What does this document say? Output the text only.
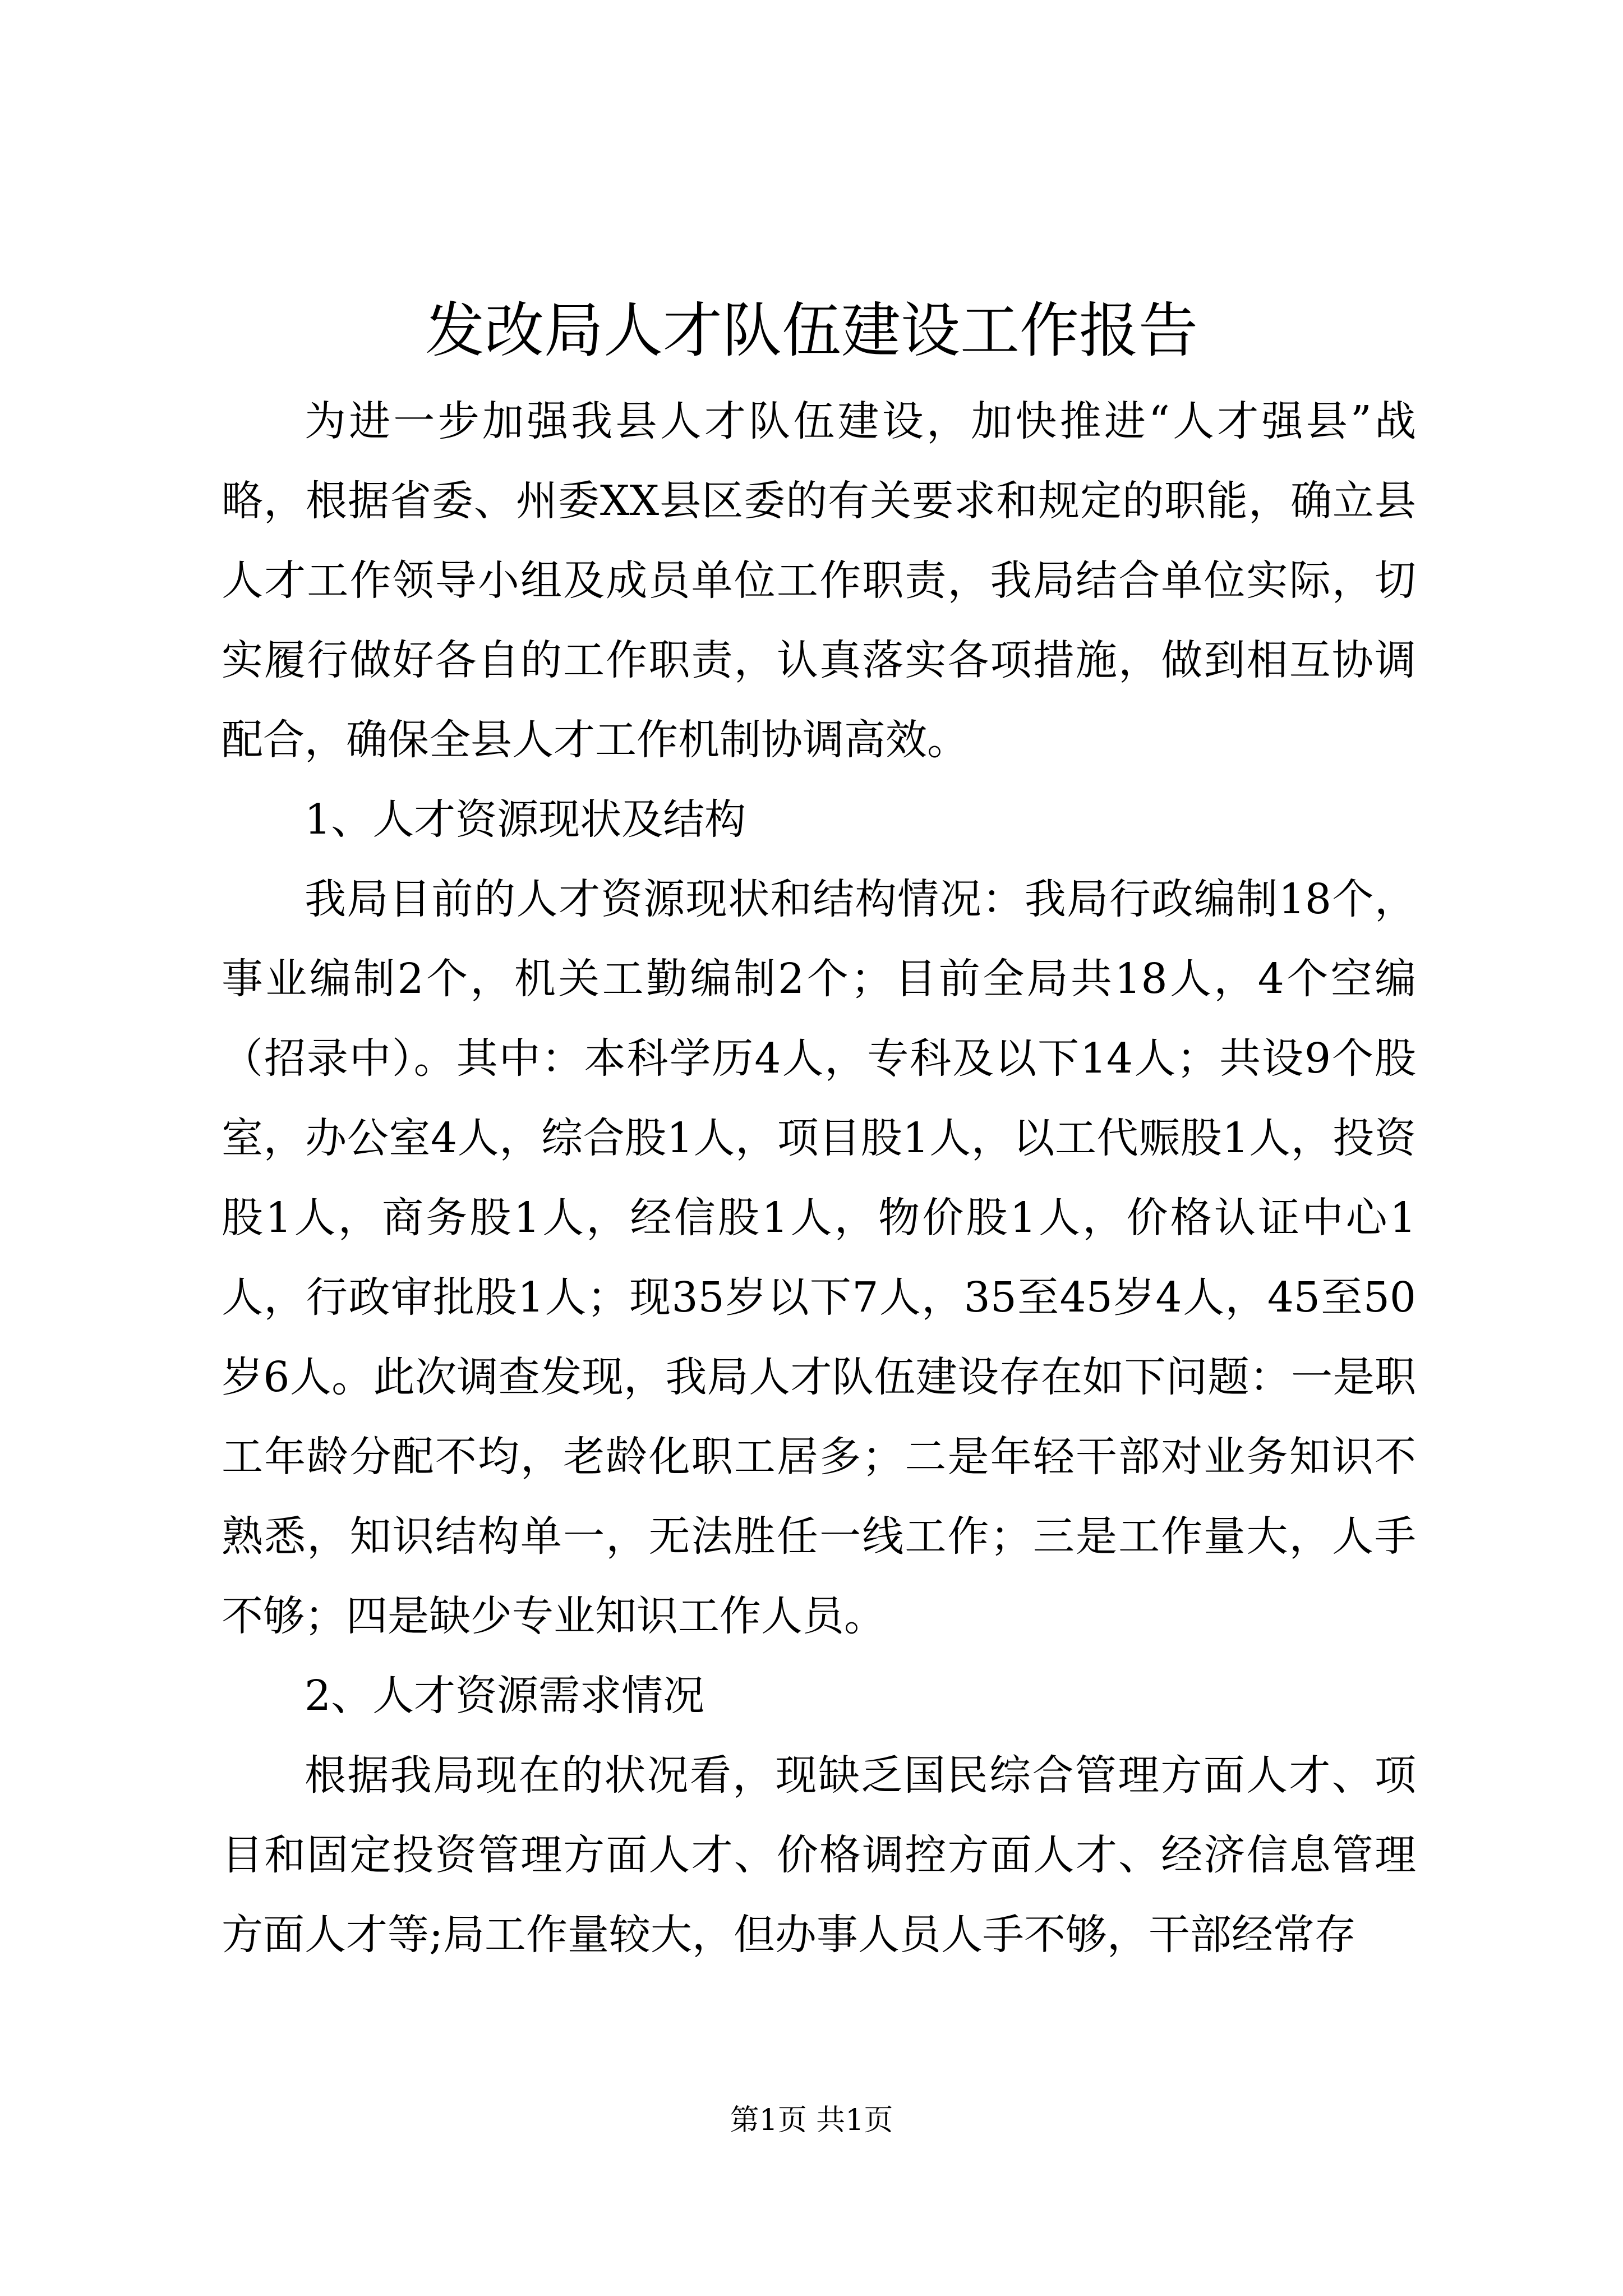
发改局人才队伍建设工作报告

为进一步加强我县人才队伍建设，加快推进“人才强县”战略，根据省委、州委XX县区委的有关要求和规定的职能，确立县人才工作领导小组及成员单位工作职责，我局结合单位实际，切实履行做好各自的工作职责，认真落实各项措施，做到相互协调配合，确保全县人才工作机制协调高效。

1、人才资源现状及结构

我局目前的人才资源现状和结构情况：我局行政编制18个，事业编制2个，机关工勤编制2个；目前全局共18人，4个空编（招录中）。其中：本科学历4人，专科及以下14人；共设9个股室，办公室4人，综合股1人，项目股1人，以工代赈股1人，投资股1人，商务股1人，经信股1人，物价股1人，价格认证中心1人，行政审批股1人；现35岁以下7人，35至45岁4人，45至50岁6人。此次调查发现，我局人才队伍建设存在如下问题：一是职工年龄分配不均，老龄化职工居多；二是年轻干部对业务知识不熟悉，知识结构单一，无法胜任一线工作；三是工作量大，人手不够；四是缺少专业知识工作人员。

2、人才资源需求情况

根据我局现在的状况看，现缺乏国民综合管理方面人才、项目和固定投资管理方面人才、价格调控方面人才、经济信息管理方面人才等;局工作量较大，但办事人员人手不够，干部经常存

第1页 共1页
